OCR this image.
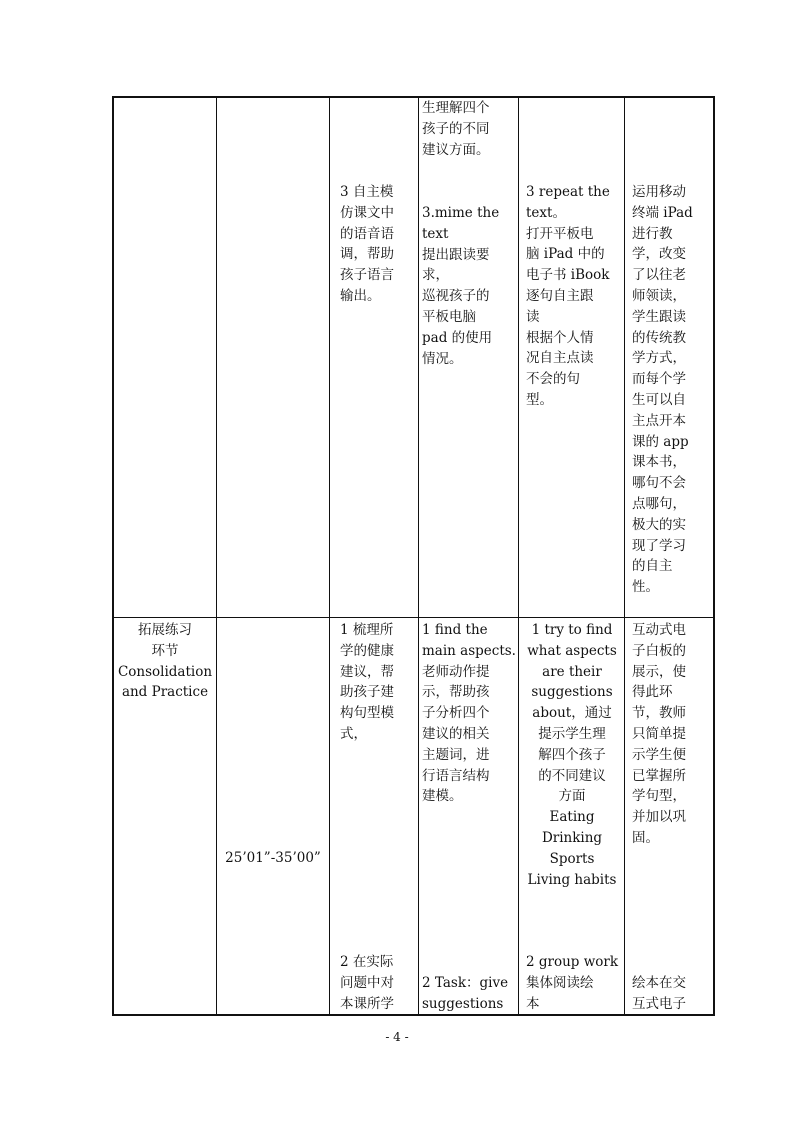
生理解四个
孩子的不同
建议方面。
3 自主模
仿课文中
的语音语
调，帮助
孩子语言
输出。
3.mime the
text
提出跟读要
求，
巡视孩子的
平板电脑
pad 的使用
情况。
3 repeat the
text。
打开平板电
脑 iPad 中的
电子书 iBook
逐句自主跟
读
根据个人情
况自主点读
不会的句
型。
运用移动
终端 iPad
进行教
学，改变
了以往老
师领读，
学生跟读
的传统教
学方式，
而每个学
生可以自
主点开本
课的 app
课本书，
哪句不会
点哪句，
极大的实
现了学习
的自主
性。
拓展练习
环节
Consolidation
and Practice
25’01”-35’00”
1 梳理所
学的健康
建议，帮
助孩子建
构句型模
式，
1 find the
main aspects.
老师动作提
示，帮助孩
子分析四个
建议的相关
主题词，进
行语言结构
建模。
1 try to find
what aspects
are their
suggestions
about，通过
提示学生理
解四个孩子
的不同建议
方面
Eating
Drinking
Sports
Living habits
互动式电
子白板的
展示，使
得此环
节，教师
只简单提
示学生便
已掌握所
学句型，
并加以巩
固。
2 在实际
问题中对
本课所学
2 Task：give
suggestions
2 group work
集体阅读绘
本
绘本在交
互式电子
- 4 -
